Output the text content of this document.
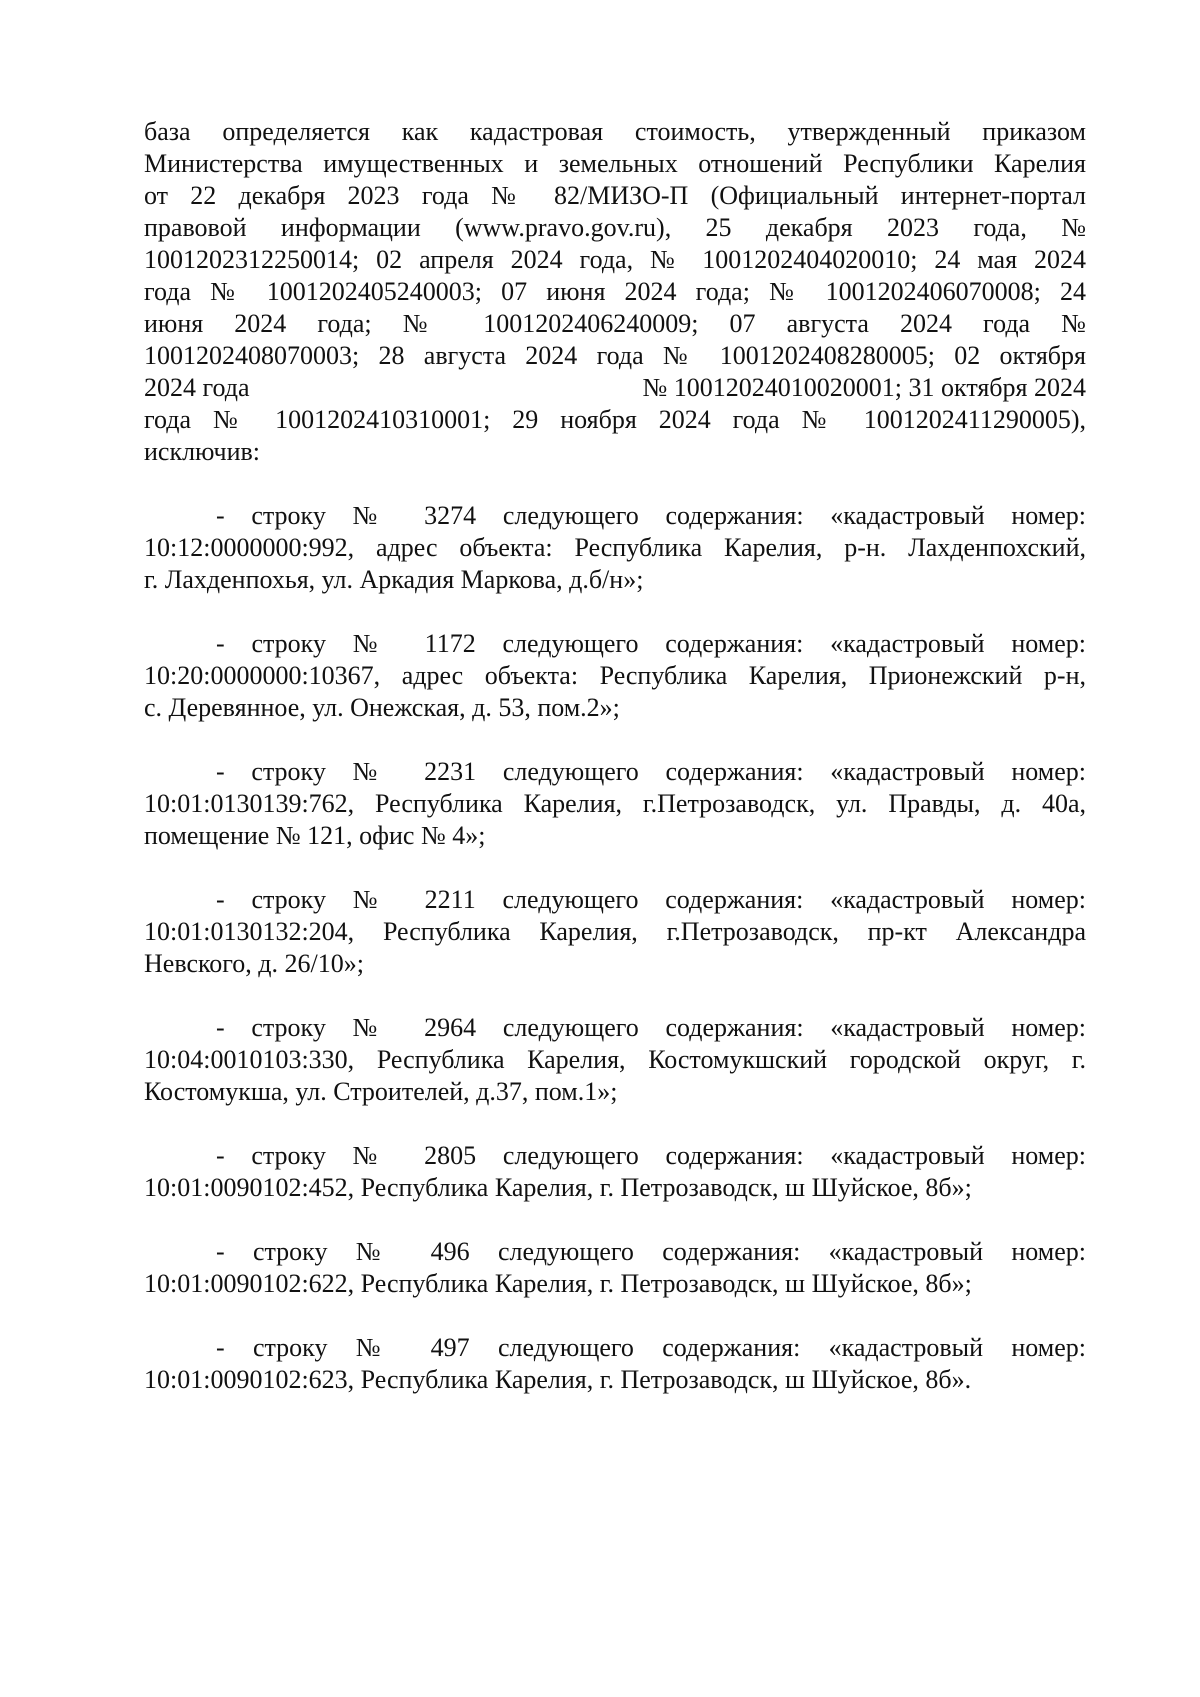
база определяется как кадастровая стоимость, утвержденный приказом
Министерства имущественных и земельных отношений Республики Карелия
от 22 декабря 2023 года № 82/МИЗО-П (Официальный интернет-портал
правовой информации (www.pravo.gov.ru), 25 декабря 2023 года, №
1001202312250014; 02 апреля 2024 года, № 1001202404020010; 24 мая 2024
года № 1001202405240003; 07 июня 2024 года; № 1001202406070008; 24
июня 2024 года; № 1001202406240009; 07 августа 2024 года №
1001202408070003; 28 августа 2024 года № 1001202408280005; 02 октября
2024 года	№ 10012024010020001; 31 октября 2024
года № 1001202410310001; 29 ноября 2024 года № 1001202411290005),
исключив:
- строку № 3274 следующего содержания: «кадастровый номер:
10:12:0000000:992, адрес объекта: Республика Карелия, р-н. Лахденпохский,
г. Лахденпохья, ул. Аркадия Маркова, д.б/н»;
- строку № 1172 следующего содержания: «кадастровый номер:
10:20:0000000:10367, адрес объекта: Республика Карелия, Прионежский р-н,
с. Деревянное, ул. Онежская, д. 53, пом.2»;
- строку № 2231 следующего содержания: «кадастровый номер:
10:01:0130139:762, Республика Карелия, г.Петрозаводск, ул. Правды, д. 40а,
помещение № 121, офис № 4»;
- строку № 2211 следующего содержания: «кадастровый номер:
10:01:0130132:204, Республика Карелия, г.Петрозаводск, пр-кт Александра
Невского, д. 26/10»;
- строку № 2964 следующего содержания: «кадастровый номер:
10:04:0010103:330, Республика Карелия, Костомукшский городской округ, г.
Костомукша, ул. Строителей, д.37, пом.1»;
- строку № 2805 следующего содержания: «кадастровый номер:
10:01:0090102:452, Республика Карелия, г. Петрозаводск, ш Шуйское, 8б»;
- строку № 496 следующего содержания: «кадастровый номер:
10:01:0090102:622, Республика Карелия, г. Петрозаводск, ш Шуйское, 8б»;
- строку № 497 следующего содержания: «кадастровый номер:
10:01:0090102:623, Республика Карелия, г. Петрозаводск, ш Шуйское, 8б».
